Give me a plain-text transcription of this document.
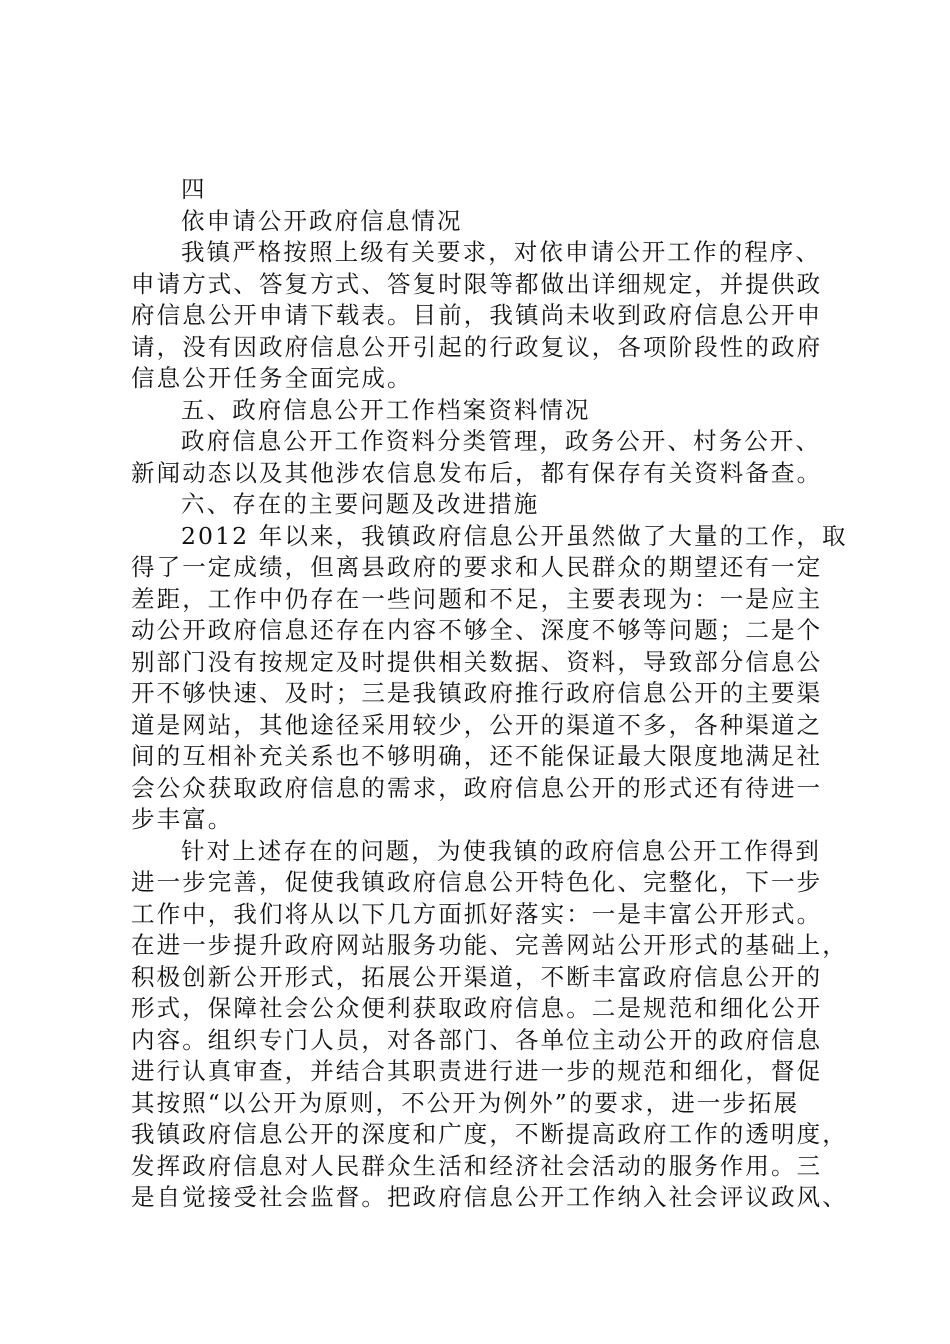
四
依申请公开政府信息情况
我镇严格按照上级有关要求，对依申请公开工作的程序、
申请方式、答复方式、答复时限等都做出详细规定，并提供政
府信息公开申请下载表。目前，我镇尚未收到政府信息公开申
请，没有因政府信息公开引起的行政复议，各项阶段性的政府
信息公开任务全面完成。
五、政府信息公开工作档案资料情况
政府信息公开工作资料分类管理，政务公开、村务公开、
新闻动态以及其他涉农信息发布后，都有保存有关资料备查。
六、存在的主要问题及改进措施
2012 年以来，我镇政府信息公开虽然做了大量的工作，取
得了一定成绩，但离县政府的要求和人民群众的期望还有一定
差距，工作中仍存在一些问题和不足，主要表现为：一是应主
动公开政府信息还存在内容不够全、深度不够等问题；二是个
别部门没有按规定及时提供相关数据、资料，导致部分信息公
开不够快速、及时；三是我镇政府推行政府信息公开的主要渠
道是网站，其他途径采用较少，公开的渠道不多，各种渠道之
间的互相补充关系也不够明确，还不能保证最大限度地满足社
会公众获取政府信息的需求，政府信息公开的形式还有待进一
步丰富。
针对上述存在的问题，为使我镇的政府信息公开工作得到
进一步完善，促使我镇政府信息公开特色化、完整化，下一步
工作中，我们将从以下几方面抓好落实：一是丰富公开形式。
在进一步提升政府网站服务功能、完善网站公开形式的基础上，
积极创新公开形式，拓展公开渠道，不断丰富政府信息公开的
形式，保障社会公众便利获取政府信息。二是规范和细化公开
内容。组织专门人员，对各部门、各单位主动公开的政府信息
进行认真审查，并结合其职责进行进一步的规范和细化，督促
其按照“以公开为原则，不公开为例外”的要求，进一步拓展
我镇政府信息公开的深度和广度，不断提高政府工作的透明度，
发挥政府信息对人民群众生活和经济社会活动的服务作用。三
是自觉接受社会监督。把政府信息公开工作纳入社会评议政风、
